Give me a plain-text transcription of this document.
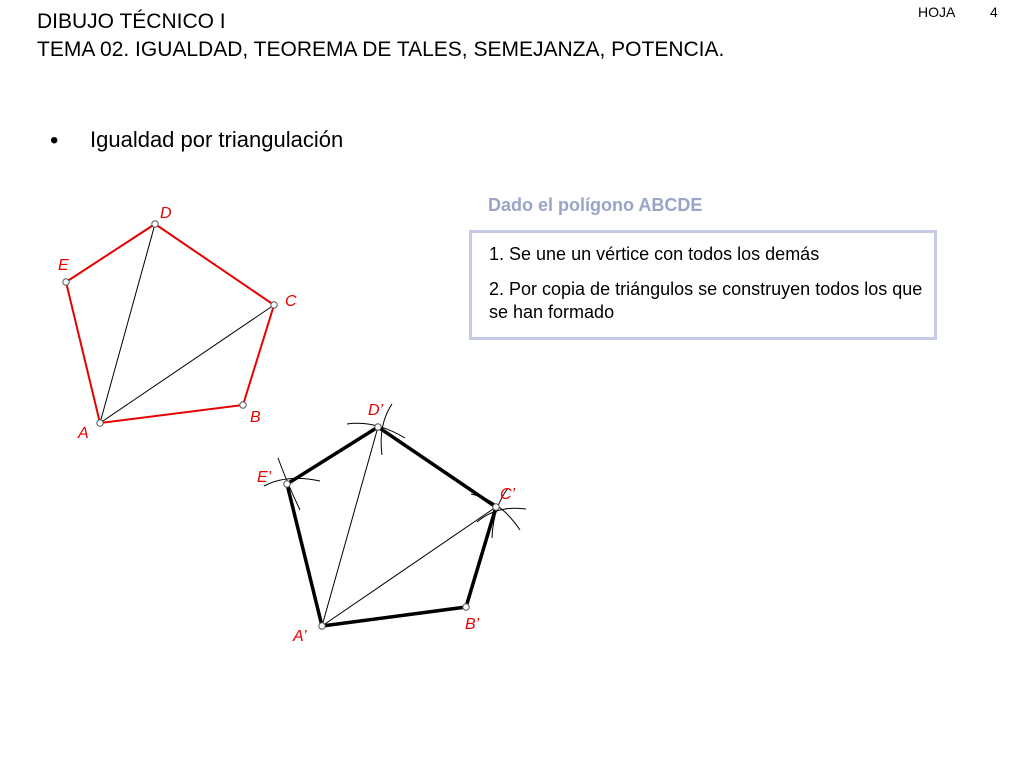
DIBUJO TÉCNICO I
TEMA 02. IGUALDAD, TEOREMA DE TALES, SEMEJANZA, POTENCIA.
HOJA 4
• Igualdad por triangulación
Dado el polígono ABCDE
1. Se une un vértice con todos los demás
2. Por copia de triángulos se construyen todos los que se han formado
A
B
C
D
E
A’
B’
C’
D’
E’
